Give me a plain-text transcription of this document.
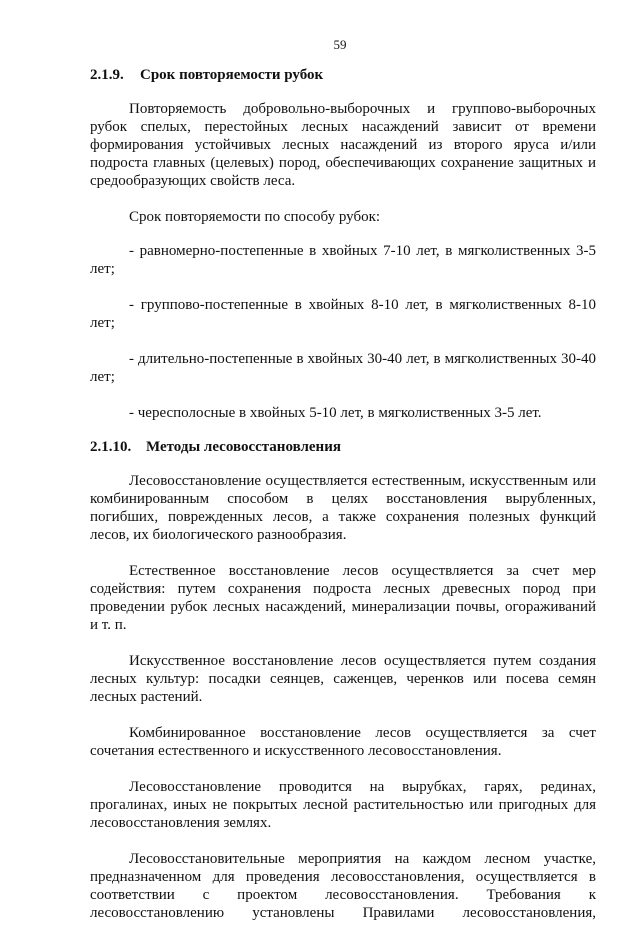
59
2.1.9. Срок повторяемости рубок

Повторяемость добровольно-выборочных и группово-выборочных рубок спелых, перестойных лесных насаждений зависит от времени формирования устойчивых лесных насаждений из второго яруса и/или подроста главных (целевых) пород, обеспечивающих сохранение защитных и средообразующих свойств леса.

Срок повторяемости по способу рубок:

- равномерно-постепенные в хвойных 7-10 лет, в мягколиственных 3-5 лет;

- группово-постепенные в хвойных 8-10 лет, в мягколиственных 8-10 лет;

- длительно-постепенные в хвойных 30-40 лет, в мягколиственных 30-40 лет;

- чересполосные в хвойных 5-10 лет, в мягколиственных 3-5 лет.

2.1.10. Методы лесовосстановления

Лесовосстановление осуществляется естественным, искусственным или комбинированным способом в целях восстановления вырубленных, погибших, поврежденных лесов, а также сохранения полезных функций лесов, их биологического разнообразия.

Естественное восстановление лесов осуществляется за счет мер содействия: путем сохранения подроста лесных древесных пород при проведении рубок лесных насаждений, минерализации почвы, огораживаний и т. п.

Искусственное восстановление лесов осуществляется путем создания лесных культур: посадки сеянцев, саженцев, черенков или посева семян лесных растений.

Комбинированное восстановление лесов осуществляется за счет сочетания естественного и искусственного лесовосстановления.

Лесовосстановление проводится на вырубках, гарях, рединах, прогалинах, иных не покрытых лесной растительностью или пригодных для лесовосстановления землях.

Лесовосстановительные мероприятия на каждом лесном участке, предназначенном для проведения лесовосстановления, осуществляется в соответствии с проектом лесовосстановления. Требования к лесовосстановлению установлены Правилами лесовосстановления,
